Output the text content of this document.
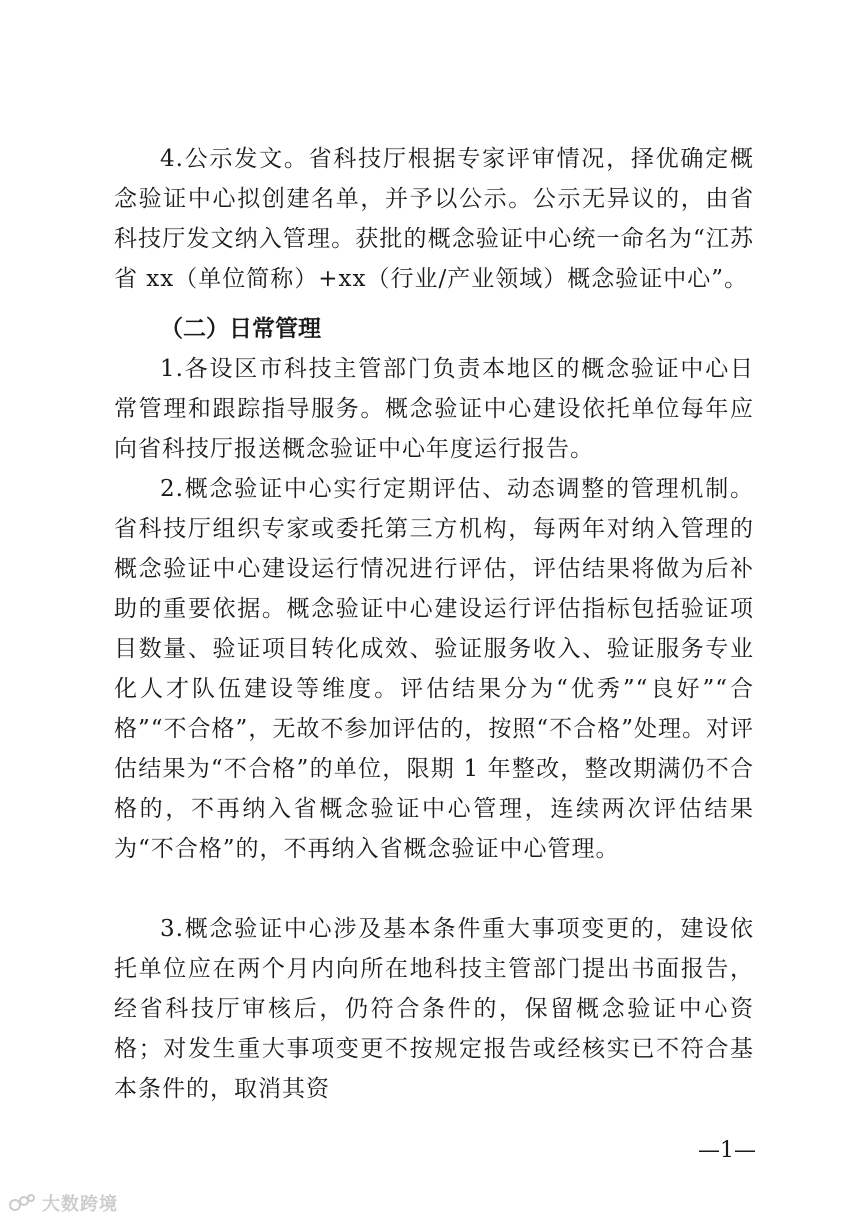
4.公示发文。省科技厅根据专家评审情况，择优确定概念验证中心拟创建名单，并予以公示。公示无异议的，由省科技厅发文纳入管理。获批的概念验证中心统一命名为“江苏省 xx（单位简称）+xx（行业/产业领域）概念验证中心”。

（二）日常管理

1.各设区市科技主管部门负责本地区的概念验证中心日常管理和跟踪指导服务。概念验证中心建设依托单位每年应向省科技厅报送概念验证中心年度运行报告。

2.概念验证中心实行定期评估、动态调整的管理机制。省科技厅组织专家或委托第三方机构，每两年对纳入管理的概念验证中心建设运行情况进行评估，评估结果将做为后补助的重要依据。概念验证中心建设运行评估指标包括验证项目数量、验证项目转化成效、验证服务收入、验证服务专业化人才队伍建设等维度。评估结果分为“优秀”“良好”“合格”“不合格”，无故不参加评估的，按照“不合格”处理。对评估结果为“不合格”的单位，限期 1 年整改，整改期满仍不合格的，不再纳入省概念验证中心管理，连续两次评估结果为“不合格”的，不再纳入省概念验证中心管理。

3.概念验证中心涉及基本条件重大事项变更的，建设依托单位应在两个月内向所在地科技主管部门提出书面报告，经省科技厅审核后，仍符合条件的，保留概念验证中心资格；对发生重大事项变更不按规定报告或经核实已不符合基本条件的，取消其资

—1—
大数跨境
